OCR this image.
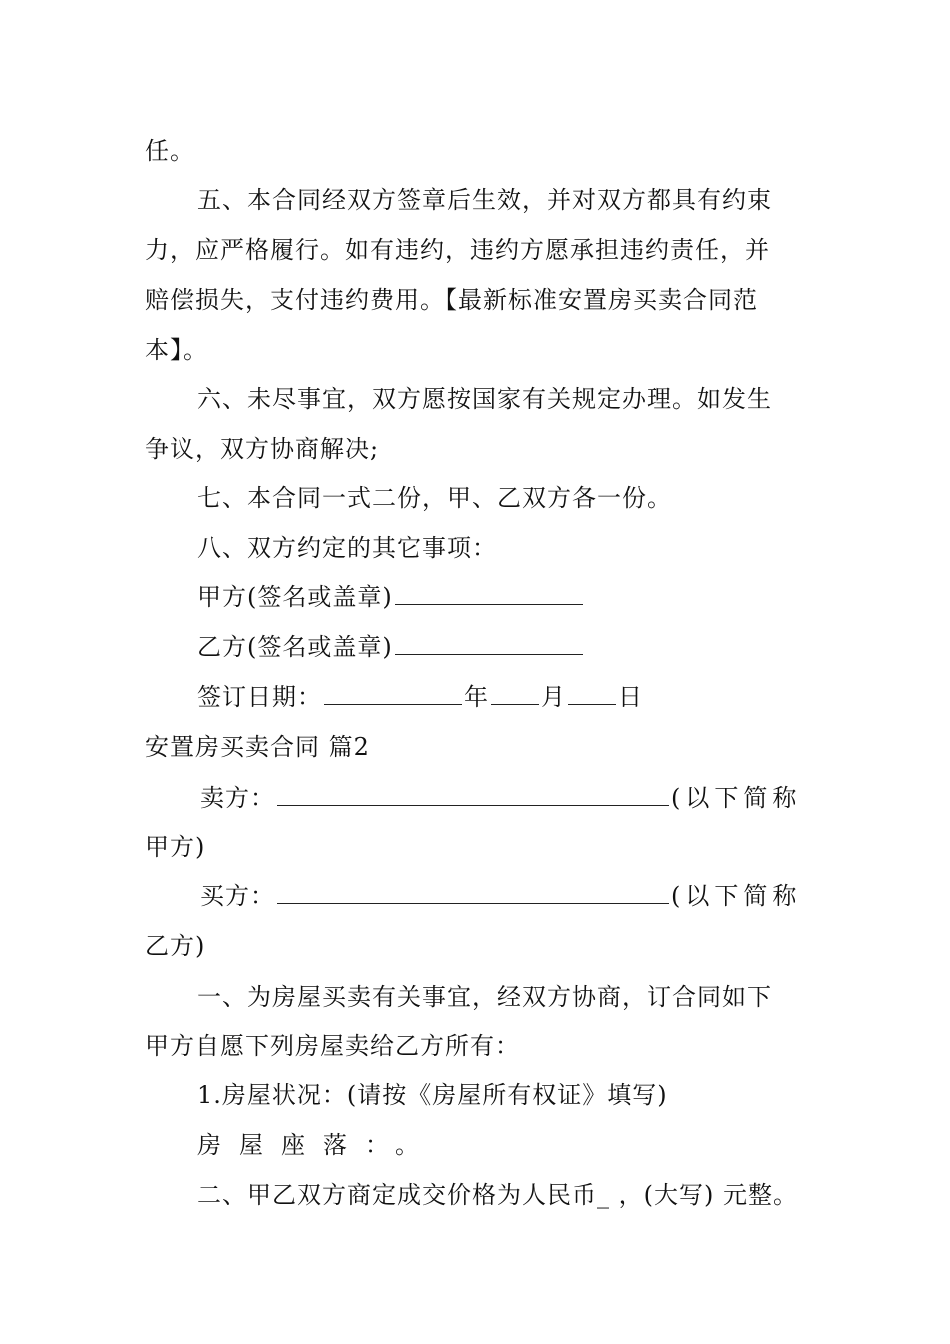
任。
五、本合同经双方签章后生效，并对双方都具有约束
力，应严格履行。如有违约，违约方愿承担违约责任，并
赔偿损失，支付违约费用。【最新标准安置房买卖合同范
本】。
六、未尽事宜，双方愿按国家有关规定办理。如发生
争议，双方协商解决;
七、本合同一式二份，甲、乙双方各一份。
八、双方约定的其它事项：
甲方(签名或盖章)
乙方(签名或盖章)
签订日期：	年 月 日
安置房买卖合同 篇2
卖方：	(以下简称
甲方)
买方：	(以下简称
乙方)
一、为房屋买卖有关事宜，经双方协商，订合同如下
甲方自愿下列房屋卖给乙方所有：
1.房屋状况：(请按《房屋所有权证》填写)
房屋座落：。
二、甲乙双方商定成交价格为人民币_ ，(大写) 元整。
